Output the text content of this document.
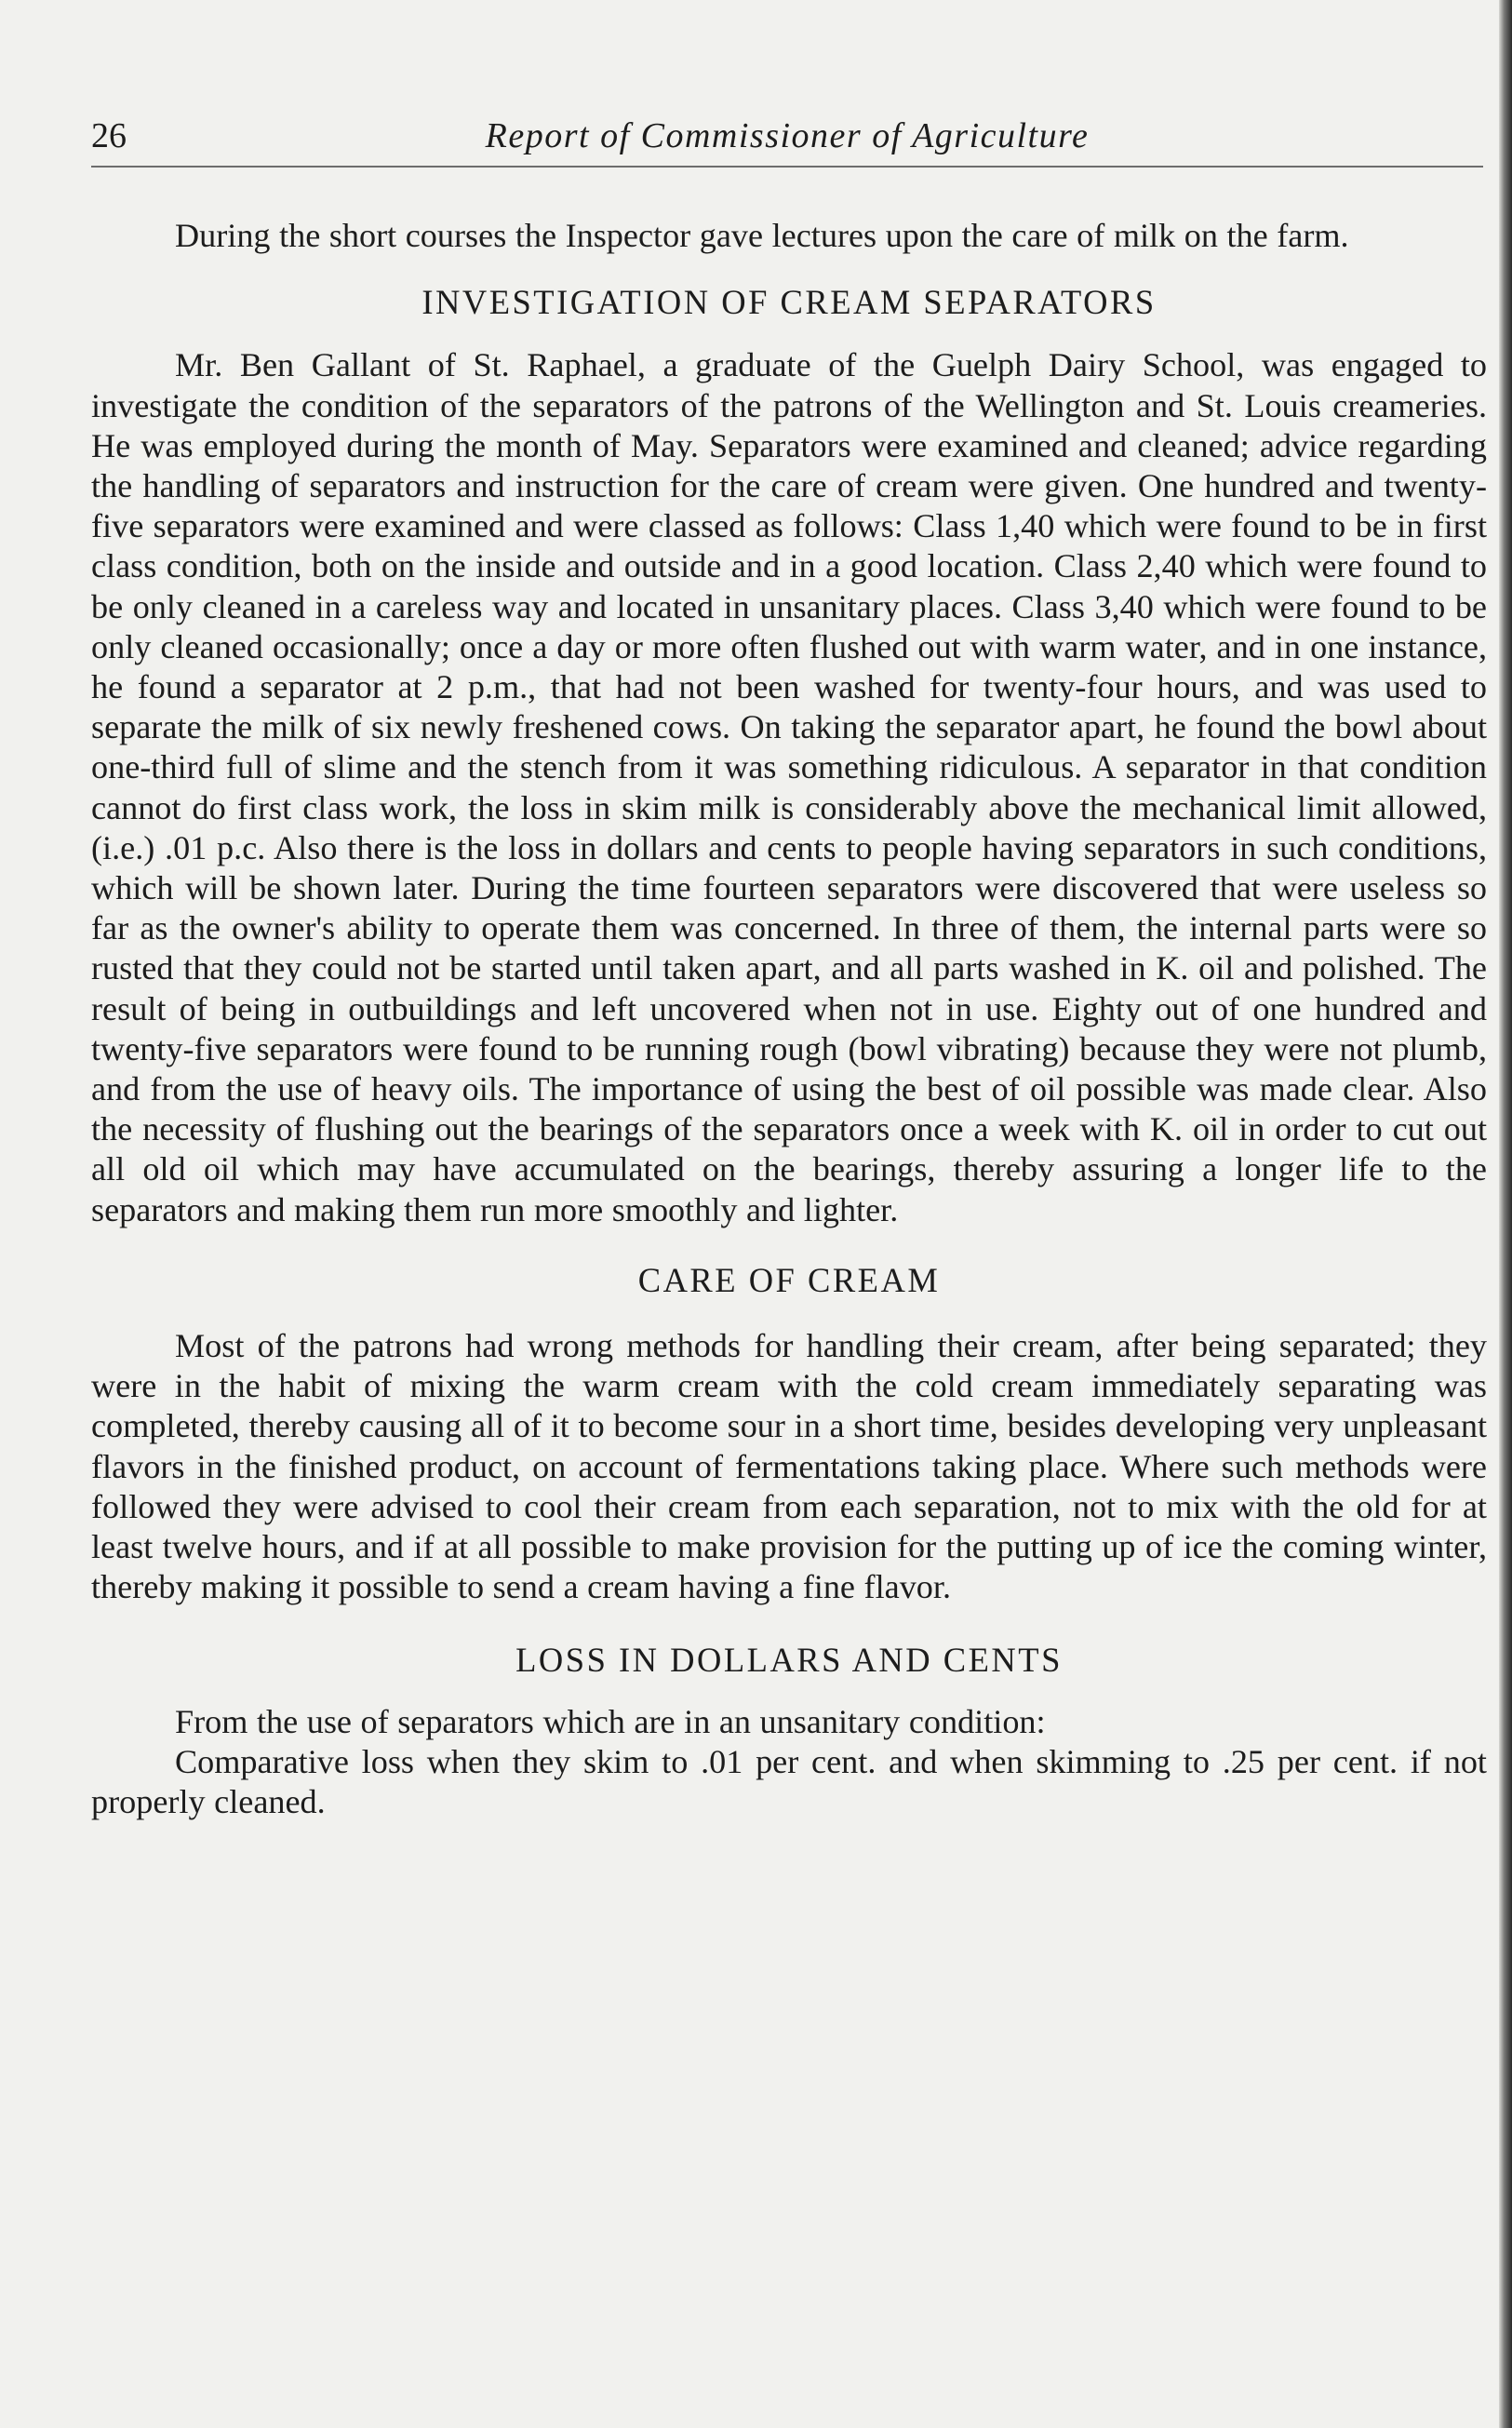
26	Report of Commissioner of Agriculture

During the short courses the Inspector gave lectures upon the care of milk on the farm.

INVESTIGATION OF CREAM SEPARATORS

Mr. Ben Gallant of St. Raphael, a graduate of the Guelph Dairy School, was engaged to investigate the condition of the separators of the patrons of the Wellington and St. Louis creameries. He was employed during the month of May. Separators were examined and cleaned; advice regarding the handling of separators and instruction for the care of cream were given. One hundred and twenty-five separators were examined and were classed as follows: Class 1,40 which were found to be in first class condition, both on the inside and outside and in a good location. Class 2,40 which were found to be only cleaned in a careless way and located in unsanitary places. Class 3,40 which were found to be only cleaned occasionally; once a day or more often flushed out with warm water, and in one instance, he found a separator at 2 p.m., that had not been washed for twenty-four hours, and was used to separate the milk of six newly freshened cows. On taking the separator apart, he found the bowl about one-third full of slime and the stench from it was something ridiculous. A separator in that condition cannot do first class work, the loss in skim milk is considerably above the mechanical limit allowed, (i.e.) .01 p.c. Also there is the loss in dollars and cents to people having separators in such conditions, which will be shown later. During the time fourteen separators were discovered that were useless so far as the owner's ability to operate them was concerned. In three of them, the internal parts were so rusted that they could not be started until taken apart, and all parts washed in K. oil and polished. The result of being in outbuildings and left uncovered when not in use. Eighty out of one hundred and twenty-five separators were found to be running rough (bowl vibrating) because they were not plumb, and from the use of heavy oils. The importance of using the best of oil possible was made clear. Also the necessity of flushing out the bearings of the separators once a week with K. oil in order to cut out all old oil which may have accumulated on the bearings, thereby assuring a longer life to the separators and making them run more smoothly and lighter.

CARE OF CREAM

Most of the patrons had wrong methods for handling their cream, after being separated; they were in the habit of mixing the warm cream with the cold cream immediately separating was completed, thereby causing all of it to become sour in a short time, besides developing very unpleasant flavors in the finished product, on account of fermentations taking place. Where such methods were followed they were advised to cool their cream from each separation, not to mix with the old for at least twelve hours, and if at all possible to make provision for the putting up of ice the coming winter, thereby making it possible to send a cream having a fine flavor.

LOSS IN DOLLARS AND CENTS

From the use of separators which are in an unsanitary condition:

Comparative loss when they skim to .01 per cent. and when skimming to .25 per cent. if not properly cleaned.
